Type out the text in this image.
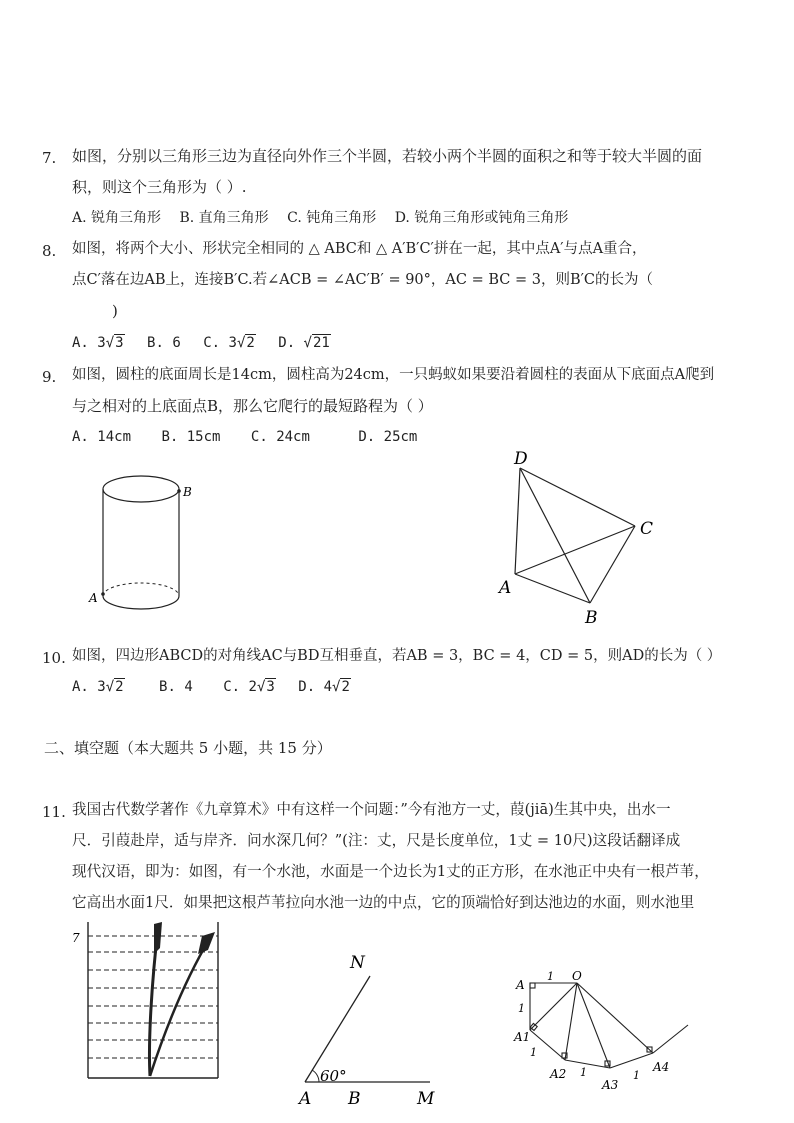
7. 如图，分别以三角形三边为直径向外作三个半圆，若较小两个半圆的面积之和等于较大半圆的面
积，则这个三角形为（ ）.
A. 锐角三角形 B. 直角三角形 C. 钝角三角形 D. 锐角三角形或钝角三角形
8. 如图，将两个大小、形状完全相同的 △ ABC和 △ A′B′C′拼在一起，其中点A′与点A重合，
点C′落在边AB上，连接B′C.若∠ACB = ∠AC′B′ = 90°，AC = BC = 3，则B′C的长为（
)
A. 3√3 B. 6 C. 3√2 D. √21
9. 如图，圆柱的底面周长是14cm，圆柱高为24cm，一只蚂蚁如果要沿着圆柱的表面从下底面点A爬到
与之相对的上底面点B，那么它爬行的最短路程为（ ）
A. 14cm B. 15cm C. 24cm	D. 25cm
B
A
D
C
A
B
10. 如图，四边形ABCD的对角线AC与BD互相垂直，若AB = 3，BC = 4，CD = 5，则AD的长为（ ）
A. 3√2	B. 4 C. 2√3 D. 4√2
二、填空题（本大题共 5 小题，共 15 分）
11. 我国古代数学著作《九章算术》中有这样一个问题：”今有池方一丈，葭(jiā)生其中央，出水一
尺．引葭赴岸，适与岸齐．问水深几何？”(注：丈，尺是长度单位，1丈 = 10尺)这段话翻译成
现代汉语，即为：如图，有一个水池，水面是一个边长为1丈的正方形，在水池正中央有一根芦苇，
它高出水面1尺．如果把这根芦苇拉向水池一边的中点，它的顶端恰好到达池边的水面，则水池里
7
N
A B	M
60°
A
O
1
1
A1
1
A2 1
A3
1
A4
